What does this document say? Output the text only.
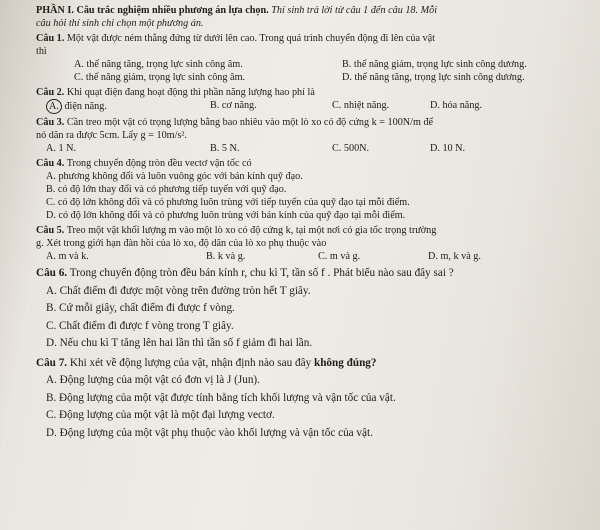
PHẦN I. Câu trắc nghiệm nhiều phương án lựa chọn. Thí sinh trả lời từ câu 1 đến câu 18. Mỗi
câu hỏi thí sinh chỉ chọn một phương án.
Câu 1. Một vật được ném thẳng đứng từ dưới lên cao. Trong quá trình chuyển động đi lên của vật
thì
A. thế năng tăng, trọng lực sinh công âm.	B. thế năng giảm, trọng lực sinh công dương.
C. thế năng giảm, trọng lực sinh công âm.	D. thế năng tăng, trọng lực sinh công dương.
Câu 2. Khi quạt điện đang hoạt động thì phần năng lượng hao phí là
A. điện năng.	B. cơ năng.	C. nhiệt năng.	D. hóa năng.
Câu 3. Cần treo một vật có trọng lượng bằng bao nhiêu vào một lò xo có độ cứng k = 100N/m để
nó dãn ra được 5cm. Lấy g = 10m/s².
A. 1 N.	B. 5 N.	C. 500N.	D. 10 N.
Câu 4. Trong chuyển động tròn đều vectơ vận tốc có
A. phương không đổi và luôn vuông góc với bán kính quỹ đạo.
B. có độ lớn thay đổi và có phương tiếp tuyến với quỹ đạo.
C. có độ lớn không đổi và có phương luôn trùng với tiếp tuyến của quỹ đạo tại mỗi điểm.
D. có độ lớn không đổi và có phương luôn trùng với bán kính của quỹ đạo tại mỗi điểm.
Câu 5. Treo một vật khối lượng m vào một lò xo có độ cứng k, tại một nơi có gia tốc trọng trường
g. Xét trong giới hạn đàn hồi của lò xo, độ dãn của lò xo phụ thuộc vào
A. m và k.	B. k và g.	C. m và g.	D. m, k và g.
Câu 6. Trong chuyển động tròn đều bán kính r, chu kì T, tần số f . Phát biểu nào sau đây sai ?
A. Chất điểm đi được một vòng trên đường tròn hết T giây.
B. Cứ mỗi giây, chất điểm đi được f vòng.
C. Chất điểm đi được f vòng trong T giây.
D. Nếu chu kì T tăng lên hai lần thì tần số f giảm đi hai lần.
Câu 7. Khi xét về động lượng của vật, nhận định nào sau đây không đúng?
A. Động lượng của một vật có đơn vị là J (Jun).
B. Động lượng của một vật được tính bằng tích khối lượng và vận tốc của vật.
C. Động lượng của một vật là một đại lượng vectơ.
D. Động lượng của một vật phụ thuộc vào khối lượng và vận tốc của vật.
